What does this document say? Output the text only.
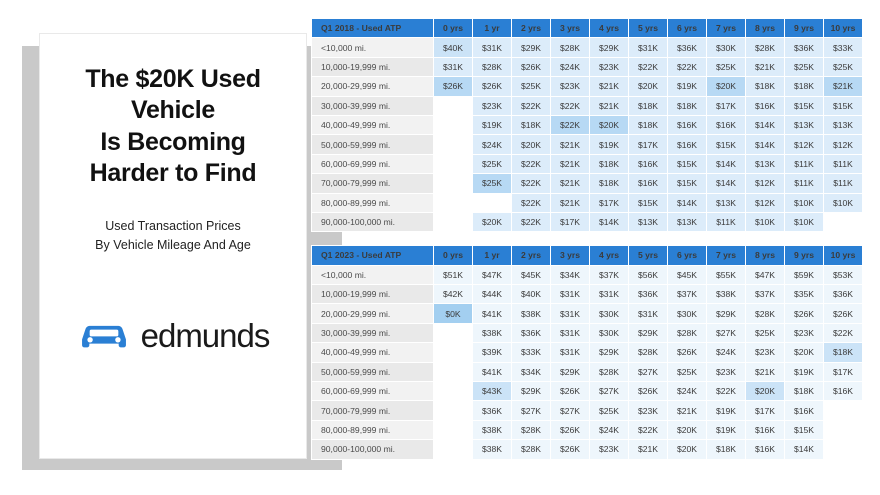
The $20K Used
Vehicle
Is Becoming
Harder to Find
Used Transaction Prices
By Vehicle Mileage And Age
edmunds
Q1 2018 - Used ATP	0 yrs	1 yr	2 yrs	3 yrs	4 yrs	5 yrs	6 yrs	7 yrs	8 yrs	9 yrs	10 yrs
<10,000 mi.	$40K	$31K	$29K	$28K	$29K	$31K	$36K	$30K	$28K	$36K	$33K
10,000-19,999 mi.	$31K	$28K	$26K	$24K	$23K	$22K	$22K	$25K	$21K	$25K	$25K
20,000-29,999 mi.	$26K	$26K	$25K	$23K	$21K	$20K	$19K	$20K	$18K	$18K	$21K
30,000-39,999 mi.		$23K	$22K	$22K	$21K	$18K	$18K	$17K	$16K	$15K	$15K
40,000-49,999 mi.		$19K	$18K	$22K	$20K	$18K	$16K	$16K	$14K	$13K	$13K
50,000-59,999 mi.		$24K	$20K	$21K	$19K	$17K	$16K	$15K	$14K	$12K	$12K
60,000-69,999 mi.		$25K	$22K	$21K	$18K	$16K	$15K	$14K	$13K	$11K	$11K
70,000-79,999 mi.		$25K	$22K	$21K	$18K	$16K	$15K	$14K	$12K	$11K	$11K
80,000-89,999 mi.			$22K	$21K	$17K	$15K	$14K	$13K	$12K	$10K	$10K
90,000-100,000 mi.		$20K	$22K	$17K	$14K	$13K	$13K	$11K	$10K	$10K	
Q1 2023 - Used ATP	0 yrs	1 yr	2 yrs	3 yrs	4 yrs	5 yrs	6 yrs	7 yrs	8 yrs	9 yrs	10 yrs
<10,000 mi.	$51K	$47K	$45K	$34K	$37K	$56K	$45K	$55K	$47K	$59K	$53K
10,000-19,999 mi.	$42K	$44K	$40K	$31K	$31K	$36K	$37K	$38K	$37K	$35K	$36K
20,000-29,999 mi.	$0K	$41K	$38K	$31K	$30K	$31K	$30K	$29K	$28K	$26K	$26K
30,000-39,999 mi.		$38K	$36K	$31K	$30K	$29K	$28K	$27K	$25K	$23K	$22K
40,000-49,999 mi.		$39K	$33K	$31K	$29K	$28K	$26K	$24K	$23K	$20K	$18K
50,000-59,999 mi.		$41K	$34K	$29K	$28K	$27K	$25K	$23K	$21K	$19K	$17K
60,000-69,999 mi.		$43K	$29K	$26K	$27K	$26K	$24K	$22K	$20K	$18K	$16K
70,000-79,999 mi.		$36K	$27K	$27K	$25K	$23K	$21K	$19K	$17K	$16K	
80,000-89,999 mi.		$38K	$28K	$26K	$24K	$22K	$20K	$19K	$16K	$15K	
90,000-100,000 mi.		$38K	$28K	$26K	$23K	$21K	$20K	$18K	$16K	$14K	
